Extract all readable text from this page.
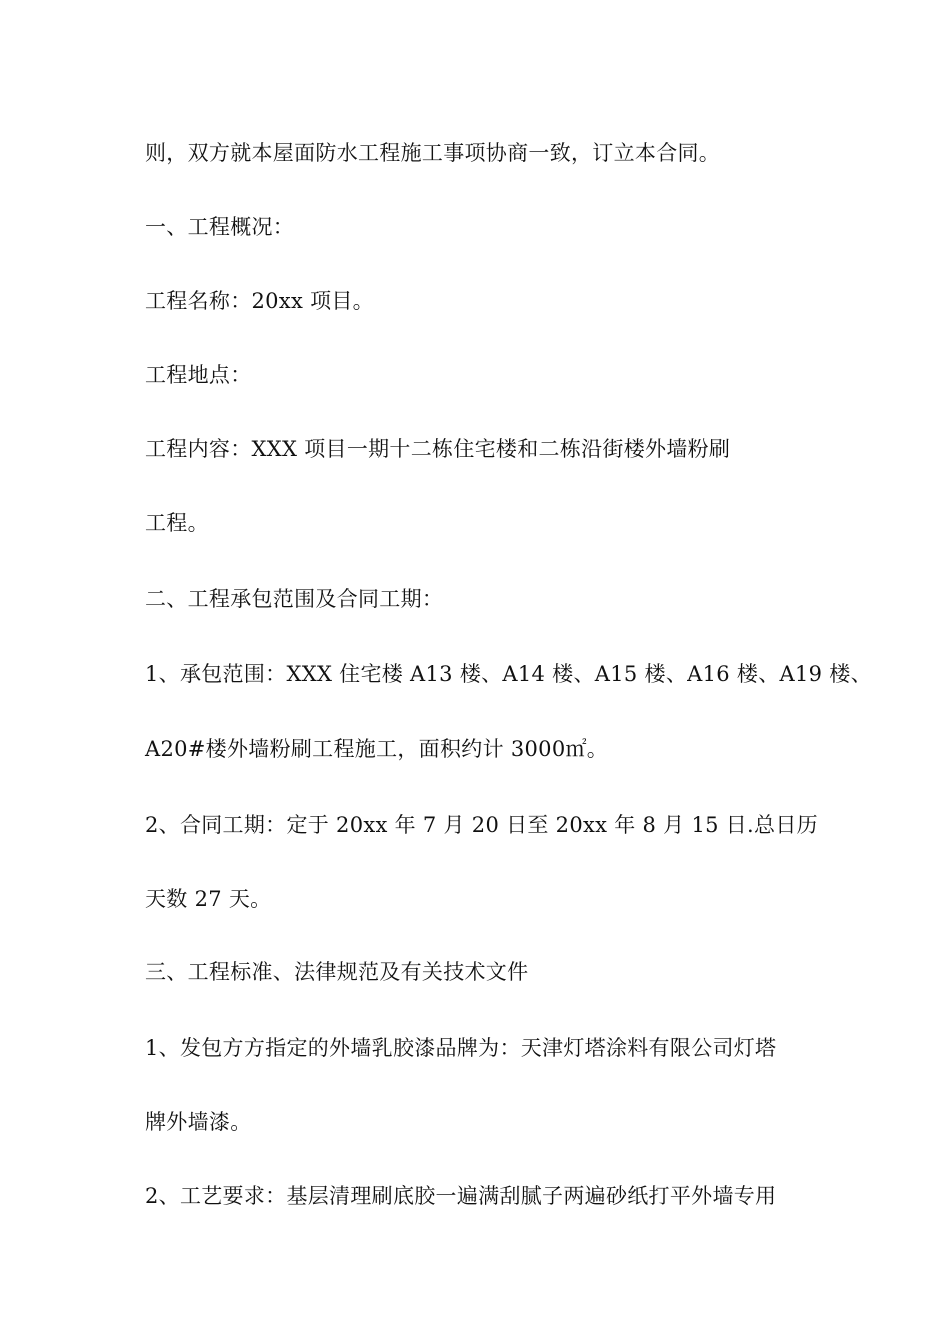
则，双方就本屋面防水工程施工事项协商一致，订立本合同。
一、工程概况：
工程名称：20xx 项目。
工程地点：
工程内容：XXX 项目一期十二栋住宅楼和二栋沿街楼外墙粉刷
工程。
二、工程承包范围及合同工期：
1、承包范围：XXX 住宅楼 A13 楼、A14 楼、A15 楼、A16 楼、A19 楼、
A20#楼外墙粉刷工程施工，面积约计 3000㎡。
2、合同工期：定于 20xx 年 7 月 20 日至 20xx 年 8 月 15 日.总日历
天数 27 天。
三、工程标准、法律规范及有关技术文件
1、发包方方指定的外墙乳胶漆品牌为：天津灯塔涂料有限公司灯塔
牌外墙漆。
2、工艺要求：基层清理刷底胶一遍满刮腻子两遍砂纸打平外墙专用
